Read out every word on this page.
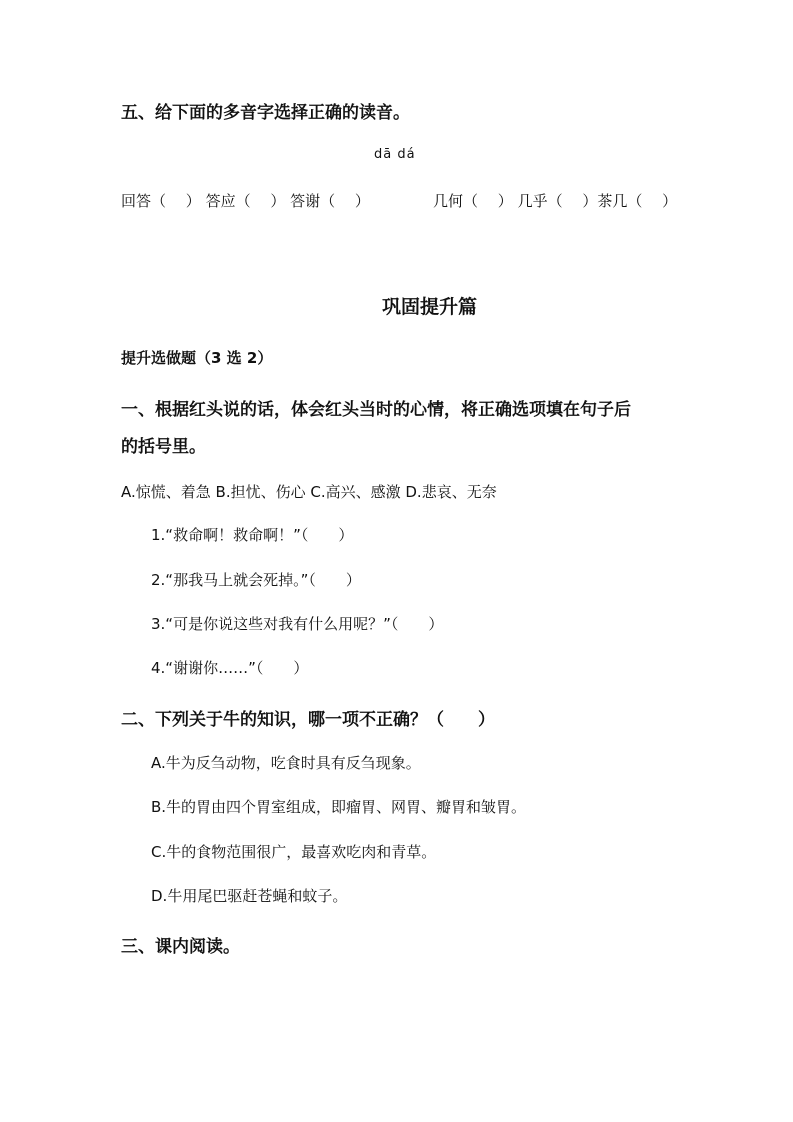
五、给下面的多音字选择正确的读音。
dā dá
回答（　 ） 答应（　 ） 答谢（　 ）	几何（　 ） 几乎（　 ）茶几（　 ）
巩固提升篇
提升选做题（3 选 2）
一、根据红头说的话，体会红头当时的心情，将正确选项填在句子后
的括号里。
A.惊慌、着急 B.担忧、伤心 C.高兴、感激 D.悲哀、无奈
1.“救命啊！救命啊！”（　　）
2.“那我马上就会死掉。”（　　）
3.“可是你说这些对我有什么用呢？”（　　）
4.“谢谢你……”（　　）
二、下列关于牛的知识，哪一项不正确？（　　）
A.牛为反刍动物，吃食时具有反刍现象。
B.牛的胃由四个胃室组成，即瘤胃、网胃、瓣胃和皱胃。
C.牛的食物范围很广，最喜欢吃肉和青草。
D.牛用尾巴驱赶苍蝇和蚊子。
三、课内阅读。
